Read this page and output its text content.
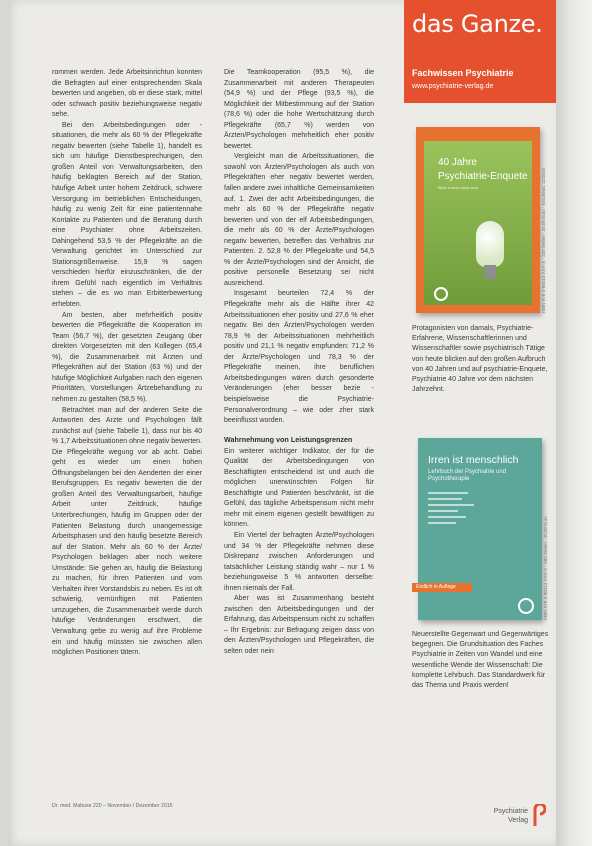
rommen werden. Jede Arbeitsinrichtun konnten die Befragten auf einer entsprechenden Skala bewerten und angeben, ob er diese stark, mittel oder schwach positiv beziehungsweise negativ sehe.

Bei den Arbeitsbedingungen oder -situationen, die mehr als 60 % der Pflegekräfte negativ bewerten (siehe Tabelle 1), handelt es sich um häufige Dienstbesprechungen, den großen Anteil von Verwaltungsarbeiten, den häufig beklagten Bereich auf der Station, häufige Arbeit unter hohem Zeitdruck, schwere Versorgung im betrieblichen Entscheidungen, häufig zu wenig Zeit für eine patientennahe Kontakte zu Patienten und die Beratung durch eine Psychiater ohne Arbeitszeiten. Dahingehend 53,5 % der Pflegekräfte an die Verwaltung gerichtet im Unterschied zur Stationsgrößenweise. 15,9 % sagen verschieden hierfür einzuschränken, die der ihrem Gefühl nach eigentlich im Verhältnis stehen – die es wo man Erbitterbewertung erhebten.

Am besten, aber mehrheitlich positiv bewerten die Pflegekräfte die Kooperation im Team (56,7 %), der gesetzten Zeugang über direkten Vorgesetzten mit den Kollegen (65,4 %), die Zusammenarbeit mit Ärzten und Pflegekräften auf der Station (63 %) und der häufige Möglichkeit Aufgaben nach den eigenen Prioritäten, Vorstellungen Ärtzebehandlung zu nehmen zu gestalten (58,5 %).

Betrachtet man auf der anderen Seite die Antworten des Arzte und Psychologen fällt zunächst auf (siehe Tabelle 1), dass nur bis 40 % 1,7 Arbeitssituationen ohne negativ bewerten. Die Pflegekräfte wegung vor ab acht. Dabei geht es wieder um einen hohen Öffnungsbelangen bei den Aenderten der einer Berufsgruppen. Es negativ bewerten die der großen Anteil des Verwaltungsarbeit, häufige Arbeit unter Zeitdruck, häufige Unterbrechungen, häufig im Gruppen oder der Patienten Belastung durch unangemessige Arbeitsphasen und den häufig besetzte Bereich auf der Station. Mehr als 60 % der Ärzte/ Psychologen beklagen aber noch weitere Umstände: Sie gehen an, häufig die Belastung zu machen, für ihren Patienten und vom Verhalten ihrer Vorstandsbis zu neben. Es ist oft schwierig, vernünftigen mit Patienten umzugehen, die Zusammenarbeit werde durch häufige Veränderungen erschwert, die Verwaltung gebe zu wenig auf ihre Probleme ein und häufig müssten sie zwischen allen möglichen Positionen tätern.

Die Teamkooperation (95,5 %), die Zusammenarbeit mit anderen Therapeuten (54,9 %) und der Pflege (93,5 %), die Möglichkeit der Mitbestimmung auf der Station (78,6 %) oder die hohe Wertschätzung durch Pflegekräfte (65,7 %) werden von Ärzten/Psychologen mehrheitlich eher positiv bewertet.

Vergleicht man die Arbeitssituationen, die sowohl von Ärzten/Psychologen als auch von Pflegekräften eher negativ bewertet werden, fallen andere zwei inhaltliche Gemeinsamkeiten auf. 1. Zwei der acht Arbeitsbedingungen, die mehr als 60 % der Pflegekräfte negativ bewerten und von der elf Arbeitsbedingungen, die mehr als 60 % der Ärzte/Psychologen negativ bewerten, betreffen das Verhältnis zur Patienten. 2. 52,8 % der Pflegekräfte und 54,5 % der Ärzte/Psychologen sind der Ansicht, die positive personelle Besetzung sei nicht ausreichend.

Insgesamt beurteilen 72,4 % der Pflegekräfte mehr als die Hälfte ihrer 42 Arbeitssituationen eher positiv und 27,6 % eher negativ. Bei den Ärzten/Psychologen werden 78,9 % der Arbeitssituationen mehrheitlich positiv und 21,1 % negativ empfunden: 71,2 % der Ärzte/Psychologen und 78,3 % der Pflegekräfte meinen, ihre beruflichen Arbeitsbedingungen wären durch gesonderte Veränderungen (eher besser bezie - beispielsweise die Psychiatrie-Personalverordnung – wie oder zher stark beeinflusst worden.

Wahrnehmung von Leistungsgrenzen

Ein weiterer wichtiger Indikator, der für die Qualität der Arbeitsbedingungen von Beschäftigten entscheidend ist und auch die möglichen unerwünschten Folgen für Beschäftigte und Patienten beschränkt, ist die Gefühl, das tägliche Arbeitspensum nicht mehr mehr mit einem eigenen gestellt bewältigen zu können.

Ein Viertel der befragten Ärzte/Psychologen und 34 % der Pflegekräfte nehmen diese Diskrepanz zwischen Anforderungen und tatsächlicher Leistung ständig wahr – nur 1 % beziehungsweise 5 % antworten derselbe: ihnen niemals der Fall.

Aber was ist Zusammenhang besteht zwischen den Arbeitsbedingungen und der Erfahrung, das Arbeitspensum nicht zu schaffen – Ihr Ergebnis: zur Befragung zeigen dass von den Ärzten/Psychologen und Pflegekräften, die selten oder nein

Dr. med. Mabuse 220 – November / Dezember 2015
das Ganze.
Fachwissen Psychiatrie
www.psychiatrie-verlag.de
40 Jahre
Psychiatrie-Enquete
Blick zurück nach vorn	ISBN 978-3-88414-XXX-X · 220 Seiten · 25,00 Euro · Erscheint: 11/2015
Protagonisten von damals, Psychiatrie-Erfahrene, Wissenschaftlerinnen und Wissenschaftler sowie psychiatrisch Tätige von heute blicken auf den großen Aufbruch von 40 Jahren und auf psychiatrie-Enquete, Psychiatrie 40 Jahre vor dem nächsten Jahrzehnt.
Irren ist menschlich
Lehrbuch der Psychiatrie und Psychotherapie
Endlich in Auflage	ISBN 978-3-88414-XXX-X · 580 Seiten · 40,00 Euro
Neuerstellte Gegenwart und Gegenwärtiges begegnen. Die Grundsituation des Faches Psychiatrie in Zeiten von Wandel und eine wesentliche Wende der Wissenschaft: Die komplette Lehrbuch. Das Standardwerk für das Thema und Praxis werden!
Psychiatrie
Verlag
